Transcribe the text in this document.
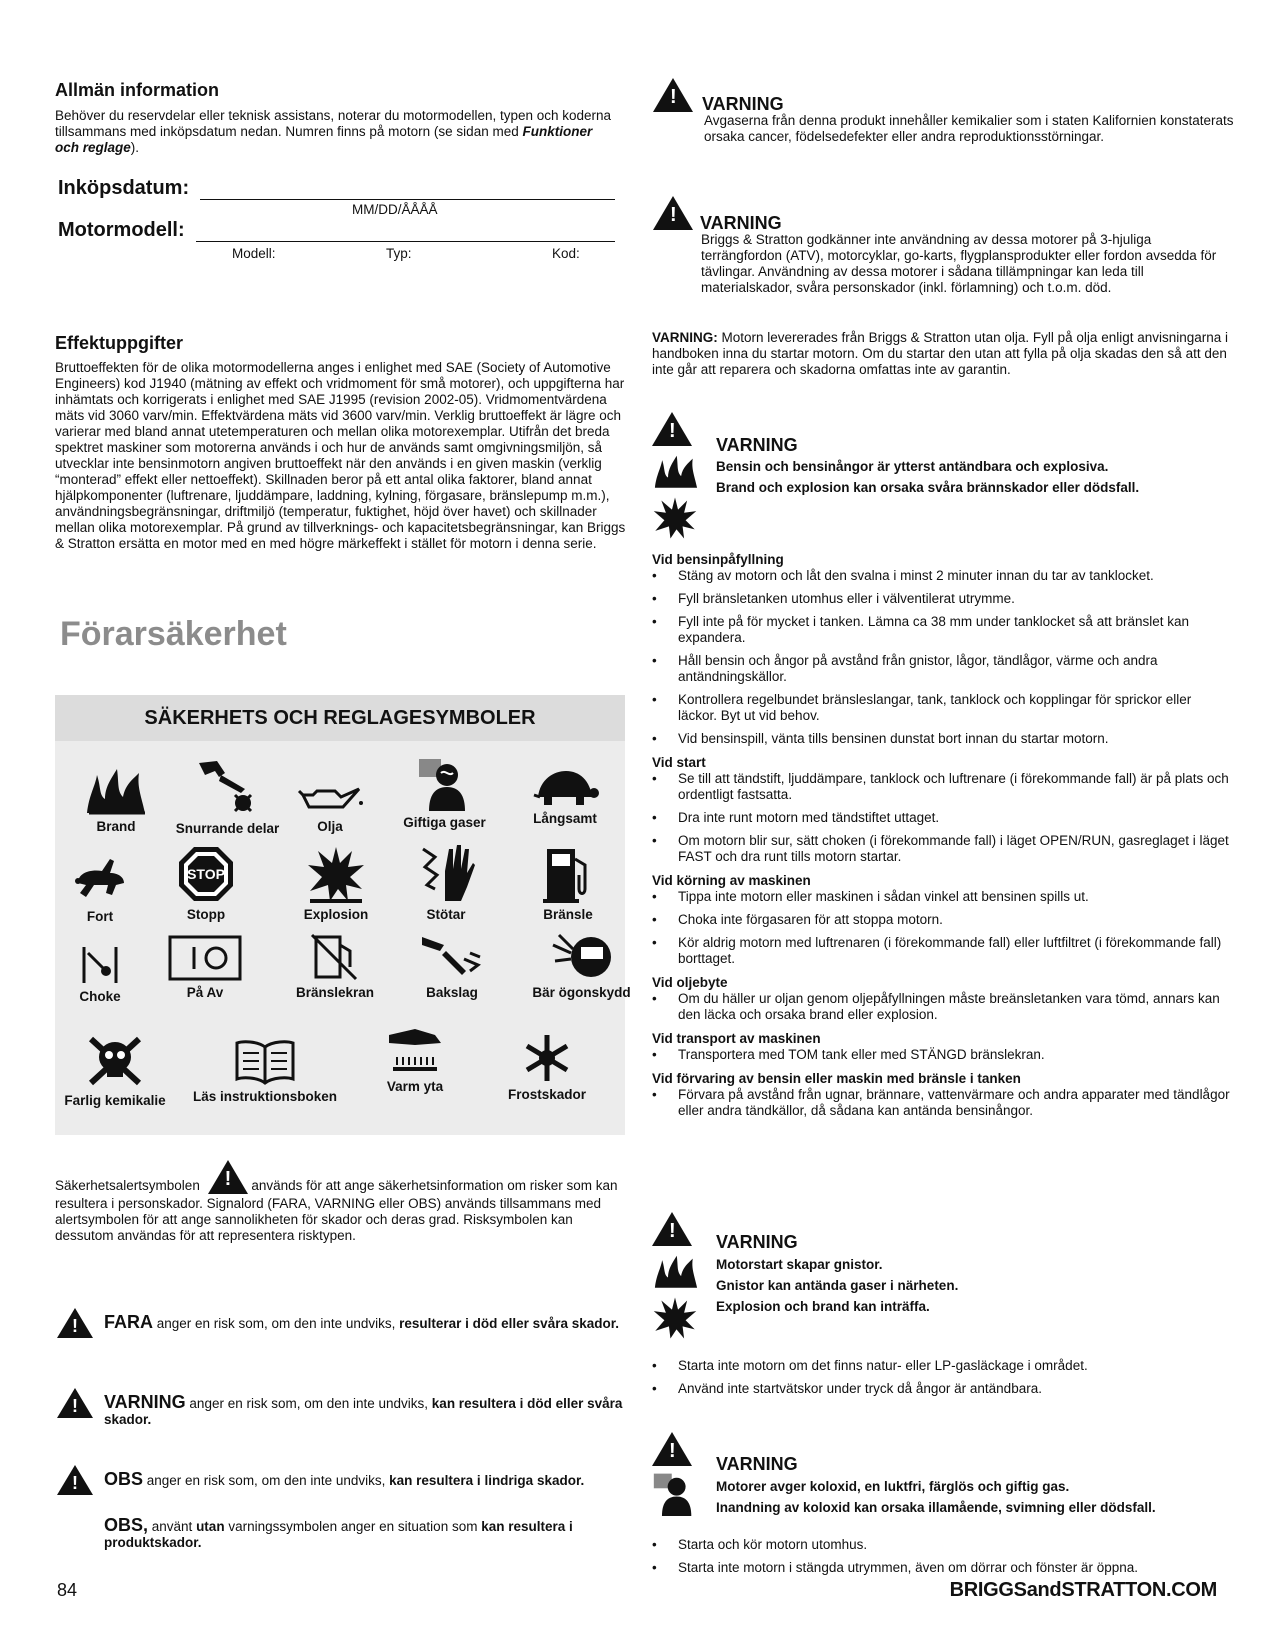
Allmän information
Behöver du reservdelar eller teknisk assistans, noterar du motormodellen, typen och koderna tillsammans med inköpsdatum nedan. Numren finns på motorn (se sidan med Funktioner och reglage).
Inköpsdatum:
MM/DD/ÅÅÅÅ
Motormodell:
Modell:	Typ:	Kod:
Effektuppgifter
Bruttoeffekten för de olika motormodellerna anges i enlighet med SAE (Society of Automotive Engineers) kod J1940 (mätning av effekt och vridmoment för små motorer), och uppgifterna har inhämtats och korrigerats i enlighet med SAE J1995 (revision 2002-05). Vridmomentvärdena mäts vid 3060 varv/min. Effektvärdena mäts vid 3600 varv/min. Verklig bruttoeffekt är lägre och varierar med bland annat utetemperaturen och mellan olika motorexemplar. Utifrån det breda spektret maskiner som motorerna används i och hur de används samt omgivningsmiljön, så utvecklar inte bensinmotorn angiven bruttoeffekt när den används i en given maskin (verklig “monterad” effekt eller nettoeffekt). Skillnaden beror på ett antal olika faktorer, bland annat hjälpkomponenter (luftrenare, ljuddämpare, laddning, kylning, förgasare, bränslepump m.m.), användningsbegränsningar, driftmiljö (temperatur, fuktighet, höjd över havet) och skillnader mellan olika motorexemplar. På grund av tillverknings- och kapacitetsbegränsningar, kan Briggs & Stratton ersätta en motor med en med högre märkeffekt i stället för motorn i denna serie.
Förarsäkerhet
SÄKERHETS OCH REGLAGESYMBOLER
Brand	Snurrande delar	Olja	Giftiga gaser	Långsamt
Fort
STOP
Stopp	Explosion	Stötar	Bränsle
Choke	På Av	Bränslekran	Bakslag	Bär ögonskydd
Farlig kemikalie	Läs instruktionsboken
Varm yta
Frostskador
Säkerhetsalertsymbolen !	används för att ange säkerhetsinformation om risker som kan resultera i personskador. Signalord (FARA, VARNING eller OBS) används tillsammans med alertsymbolen för att ange sannolikheten för skador och deras grad. Risksymbolen kan dessutom användas för att representera risktypen.
!
FARA anger en risk som, om den inte undviks, resulterar i död eller svåra skador.
!
VARNING anger en risk som, om den inte undviks, kan resultera i död eller svåra skador.
!
OBS anger en risk som, om den inte undviks, kan resultera i lindriga skador.
OBS, använt utan varningssymbolen anger en situation som kan resultera i produktskador.
84
!
VARNING
Avgaserna från denna produkt innehåller kemikalier som i staten Kalifornien konstaterats orsaka cancer, födelsedefekter eller andra reproduktionsstörningar.
!
VARNING
Briggs & Stratton godkänner inte användning av dessa motorer på 3-hjuliga terrängfordon (ATV), motorcyklar, go-karts, flygplansprodukter eller fordon avsedda för tävlingar. Användning av dessa motorer i sådana tillämpningar kan leda till materialskador, svåra personskador (inkl. förlamning) och t.o.m. död.
VARNING: Motorn levererades från Briggs & Stratton utan olja. Fyll på olja enligt anvisningarna i handboken inna du startar motorn. Om du startar den utan att fylla på olja skadas den så att den inte går att reparera och skadorna omfattas inte av garantin.
!
VARNING
Bensin och bensinångor är ytterst antändbara och explosiva.
Brand och explosion kan orsaka svåra brännskador eller dödsfall.
Vid bensinpåfyllning
• Stäng av motorn och låt den svalna i minst 2 minuter innan du tar av tanklocket.
• Fyll bränsletanken utomhus eller i välventilerat utrymme.
• Fyll inte på för mycket i tanken. Lämna ca 38 mm under tanklocket så att bränslet kan expandera.
• Håll bensin och ångor på avstånd från gnistor, lågor, tändlågor, värme och andra antändningskällor.
• Kontrollera regelbundet bränsleslangar, tank, tanklock och kopplingar för sprickor eller läckor. Byt ut vid behov.
• Vid bensinspill, vänta tills bensinen dunstat bort innan du startar motorn.
Vid start
• Se till att tändstift, ljuddämpare, tanklock och luftrenare (i förekommande fall) är på plats och ordentligt fastsatta.
• Dra inte runt motorn med tändstiftet uttaget.
• Om motorn blir sur, sätt choken (i förekommande fall) i läget OPEN/RUN, gasreglaget i läget FAST och dra runt tills motorn startar.
Vid körning av maskinen
• Tippa inte motorn eller maskinen i sådan vinkel att bensinen spills ut.
• Choka inte förgasaren för att stoppa motorn.
• Kör aldrig motorn med luftrenaren (i förekommande fall) eller luftfiltret (i förekommande fall) borttaget.
Vid oljebyte
• Om du häller ur oljan genom oljepåfyllningen måste breänsletanken vara tömd, annars kan den läcka och orsaka brand eller explosion.
Vid transport av maskinen
• Transportera med TOM tank eller med STÄNGD bränslekran.
Vid förvaring av bensin eller maskin med bränsle i tanken
• Förvara på avstånd från ugnar, brännare, vattenvärmare och andra apparater med tändlågor eller andra tändkällor, då sådana kan antända bensinångor.
!
VARNING
Motorstart skapar gnistor.
Gnistor kan antända gaser i närheten.
Explosion och brand kan inträffa.
• Starta inte motorn om det finns natur- eller LP-gasläckage i området.
• Använd inte startvätskor under tryck då ångor är antändbara.
!
VARNING
Motorer avger koloxid, en luktfri, färglös och giftig gas.
Inandning av koloxid kan orsaka illamående, svimning eller dödsfall.
• Starta och kör motorn utomhus.
• Starta inte motorn i stängda utrymmen, även om dörrar och fönster är öppna.
BRIGGSandSTRATTON.COM
